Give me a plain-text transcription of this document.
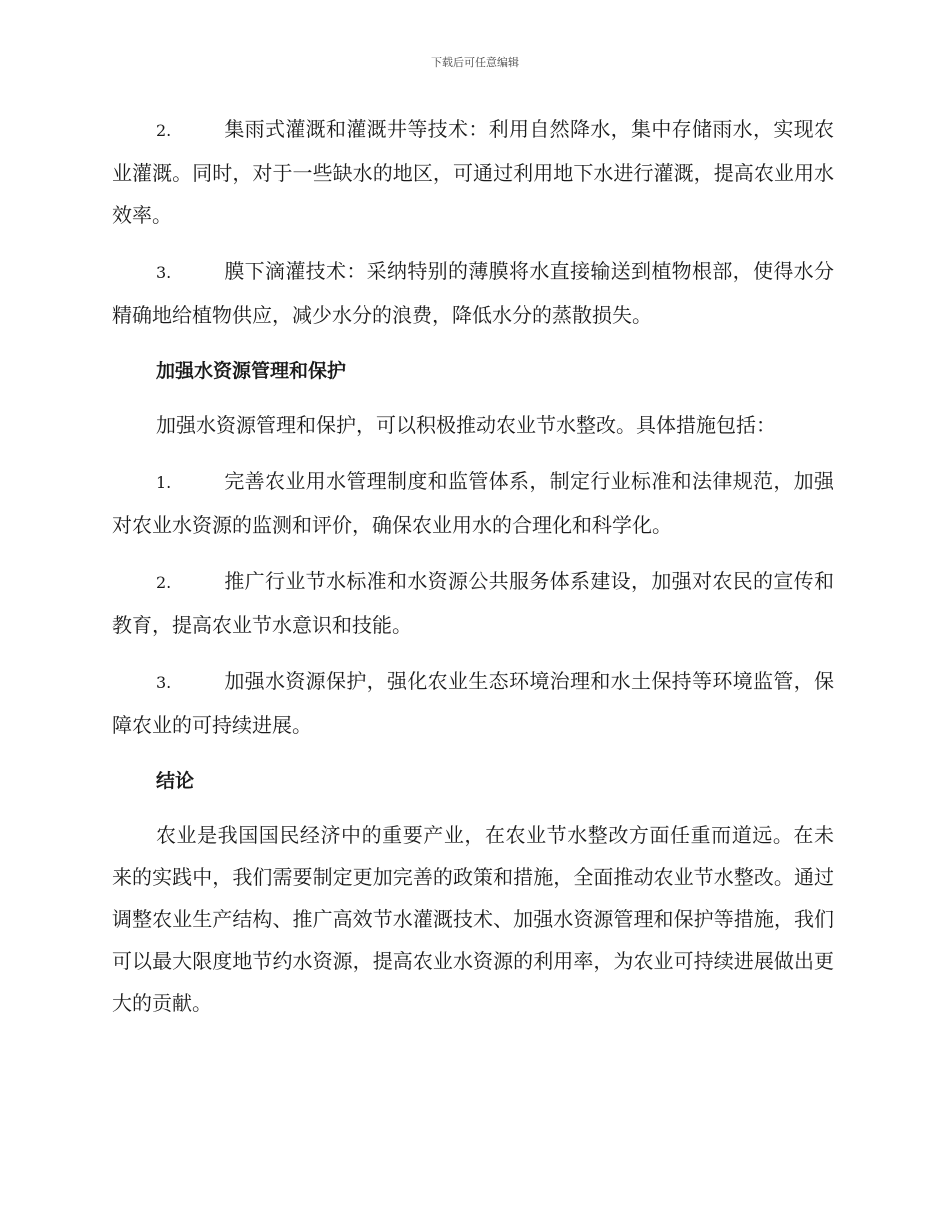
下载后可任意编辑

2.	集雨式灌溉和灌溉井等技术：利用自然降水，集中存储雨水，实现农业灌溉。同时，对于一些缺水的地区，可通过利用地下水进行灌溉，提高农业用水效率。

3.	膜下滴灌技术：采纳特别的薄膜将水直接输送到植物根部，使得水分精确地给植物供应，减少水分的浪费，降低水分的蒸散损失。

加强水资源管理和保护

加强水资源管理和保护，可以积极推动农业节水整改。具体措施包括：

1.	完善农业用水管理制度和监管体系，制定行业标准和法律规范，加强对农业水资源的监测和评价，确保农业用水的合理化和科学化。

2.	推广行业节水标准和水资源公共服务体系建设，加强对农民的宣传和教育，提高农业节水意识和技能。

3.	加强水资源保护，强化农业生态环境治理和水土保持等环境监管，保障农业的可持续进展。

结论

农业是我国国民经济中的重要产业，在农业节水整改方面任重而道远。在未来的实践中，我们需要制定更加完善的政策和措施，全面推动农业节水整改。通过调整农业生产结构、推广高效节水灌溉技术、加强水资源管理和保护等措施，我们可以最大限度地节约水资源，提高农业水资源的利用率，为农业可持续进展做出更大的贡献。
